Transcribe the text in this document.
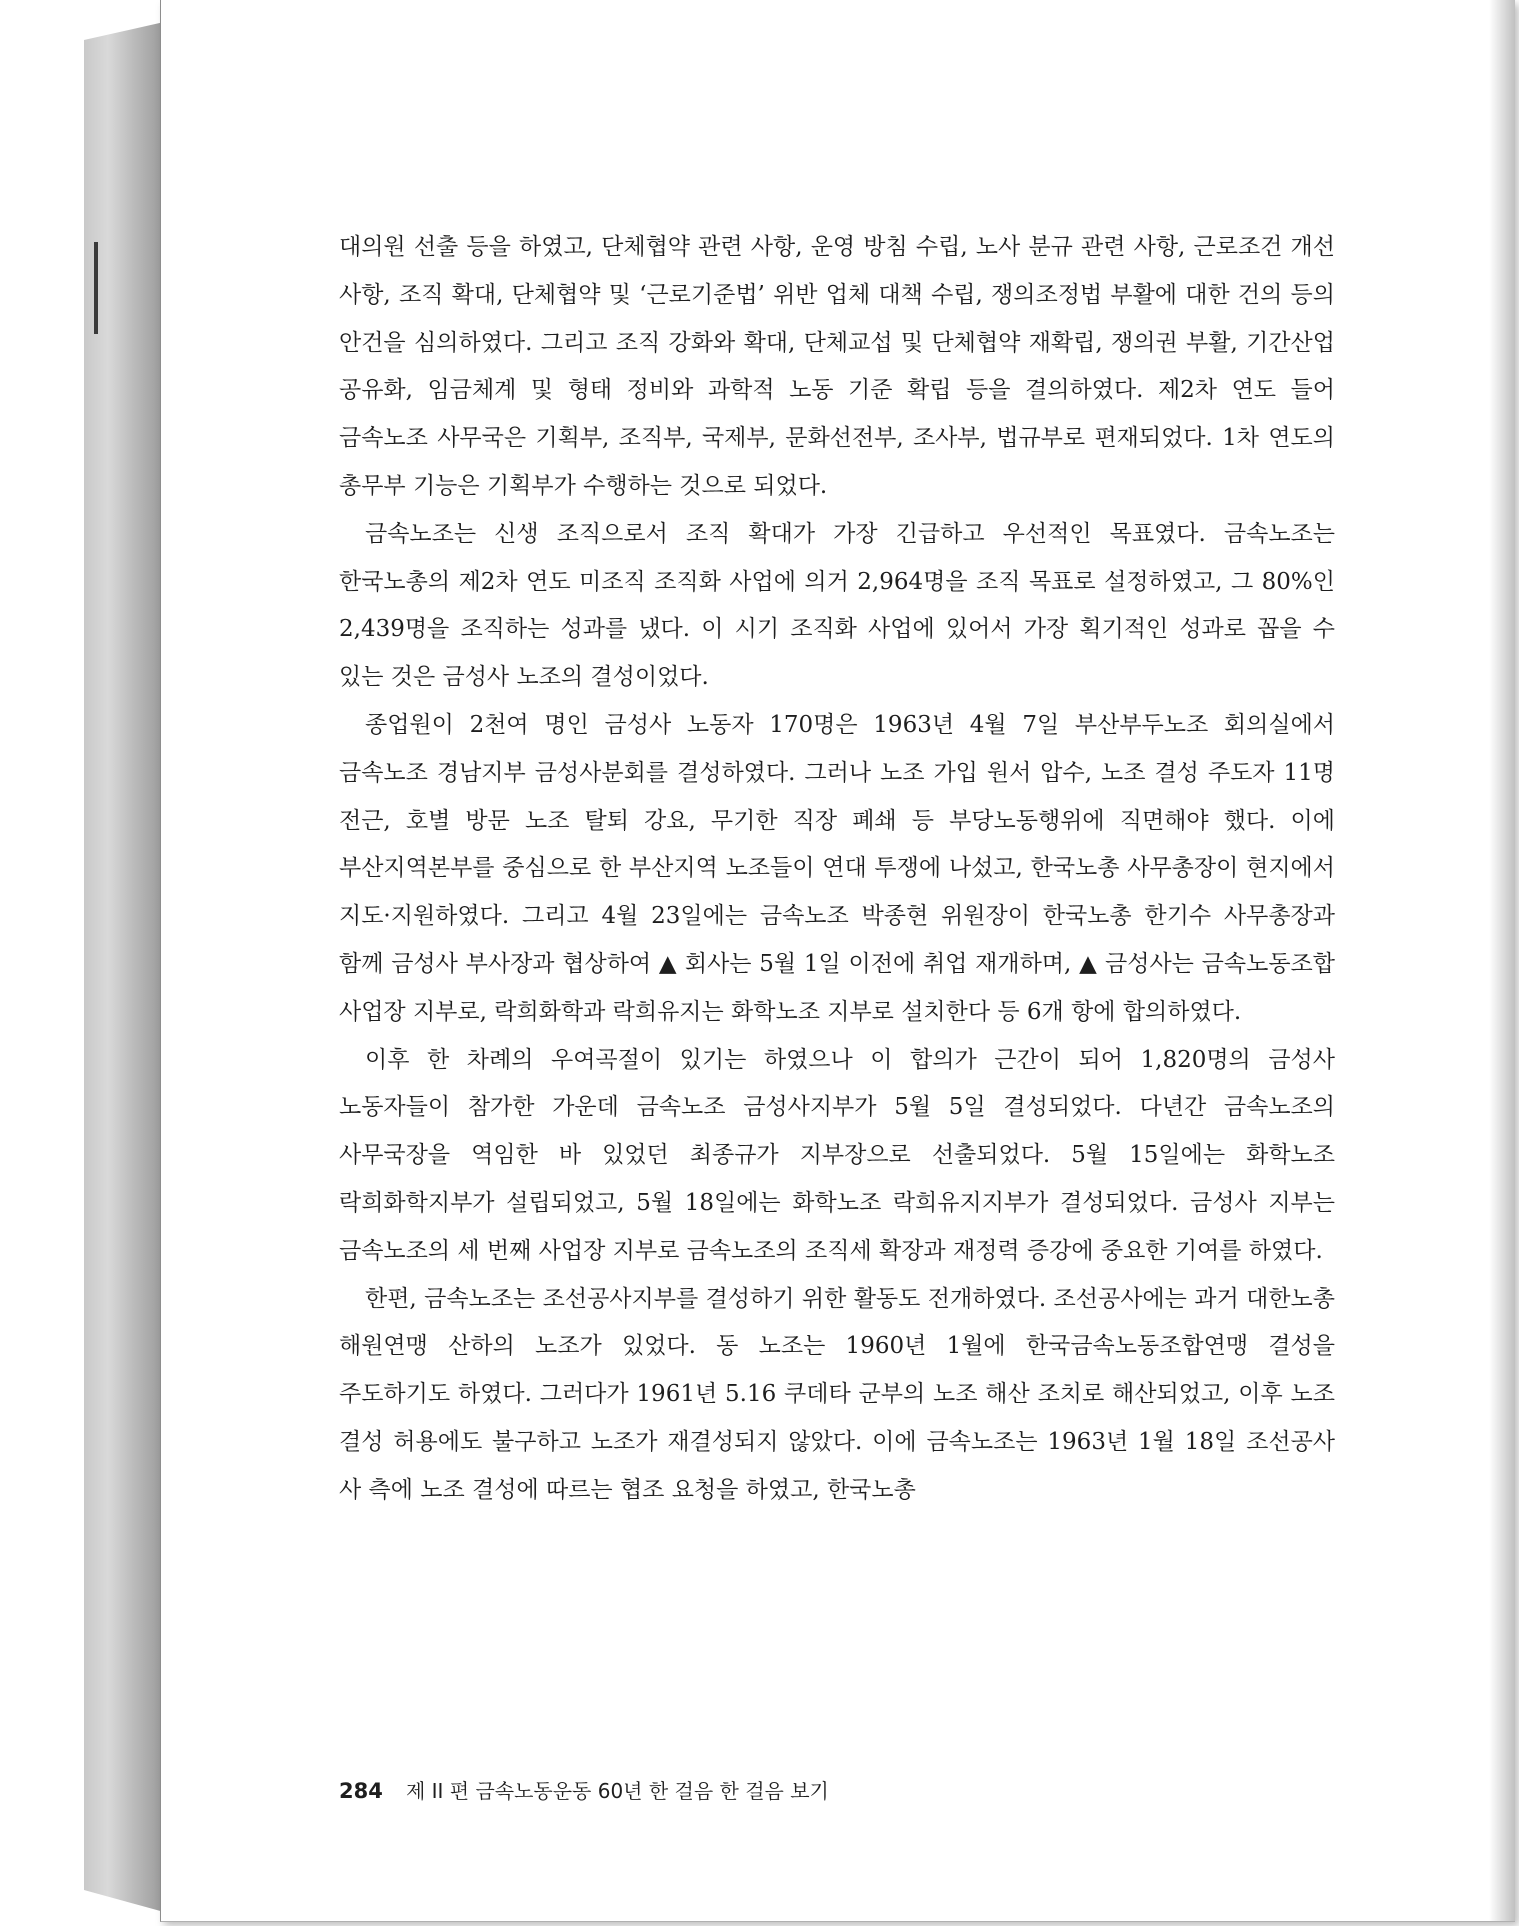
대의원 선출 등을 하였고, 단체협약 관련 사항, 운영 방침 수립, 노사 분규 관련 사항, 근로조건 개선 사항, 조직 확대, 단체협약 및 ‘근로기준법’ 위반 업체 대책 수립, 쟁의조정법 부활에 대한 건의 등의 안건을 심의하였다. 그리고 조직 강화와 확대, 단체교섭 및 단체협약 재확립, 쟁의권 부활, 기간산업 공유화, 임금체계 및 형태 정비와 과학적 노동 기준 확립 등을 결의하였다. 제2차 연도 들어 금속노조 사무국은 기획부, 조직부, 국제부, 문화선전부, 조사부, 법규부로 편재되었다. 1차 연도의 총무부 기능은 기획부가 수행하는 것으로 되었다.

금속노조는 신생 조직으로서 조직 확대가 가장 긴급하고 우선적인 목표였다. 금속노조는 한국노총의 제2차 연도 미조직 조직화 사업에 의거 2,964명을 조직 목표로 설정하였고, 그 80%인 2,439명을 조직하는 성과를 냈다. 이 시기 조직화 사업에 있어서 가장 획기적인 성과로 꼽을 수 있는 것은 금성사 노조의 결성이었다.

종업원이 2천여 명인 금성사 노동자 170명은 1963년 4월 7일 부산부두노조 회의실에서 금속노조 경남지부 금성사분회를 결성하였다. 그러나 노조 가입 원서 압수, 노조 결성 주도자 11명 전근, 호별 방문 노조 탈퇴 강요, 무기한 직장 폐쇄 등 부당노동행위에 직면해야 했다. 이에 부산지역본부를 중심으로 한 부산지역 노조들이 연대 투쟁에 나섰고, 한국노총 사무총장이 현지에서 지도·지원하였다. 그리고 4월 23일에는 금속노조 박종현 위원장이 한국노총 한기수 사무총장과 함께 금성사 부사장과 협상하여 ▲ 회사는 5월 1일 이전에 취업 재개하며, ▲ 금성사는 금속노동조합 사업장 지부로, 락희화학과 락희유지는 화학노조 지부로 설치한다 등 6개 항에 합의하였다.

이후 한 차례의 우여곡절이 있기는 하였으나 이 합의가 근간이 되어 1,820명의 금성사 노동자들이 참가한 가운데 금속노조 금성사지부가 5월 5일 결성되었다. 다년간 금속노조의 사무국장을 역임한 바 있었던 최종규가 지부장으로 선출되었다. 5월 15일에는 화학노조 락희화학지부가 설립되었고, 5월 18일에는 화학노조 락희유지지부가 결성되었다. 금성사 지부는 금속노조의 세 번째 사업장 지부로 금속노조의 조직세 확장과 재정력 증강에 중요한 기여를 하였다.

한편, 금속노조는 조선공사지부를 결성하기 위한 활동도 전개하였다. 조선공사에는 과거 대한노총 해원연맹 산하의 노조가 있었다. 동 노조는 1960년 1월에 한국금속노동조합연맹 결성을 주도하기도 하였다. 그러다가 1961년 5.16 쿠데타 군부의 노조 해산 조치로 해산되었고, 이후 노조 결성 허용에도 불구하고 노조가 재결성되지 않았다. 이에 금속노조는 1963년 1월 18일 조선공사 사 측에 노조 결성에 따르는 협조 요청을 하였고, 한국노총

284 제 II 편 금속노동운동 60년 한 걸음 한 걸음 보기
